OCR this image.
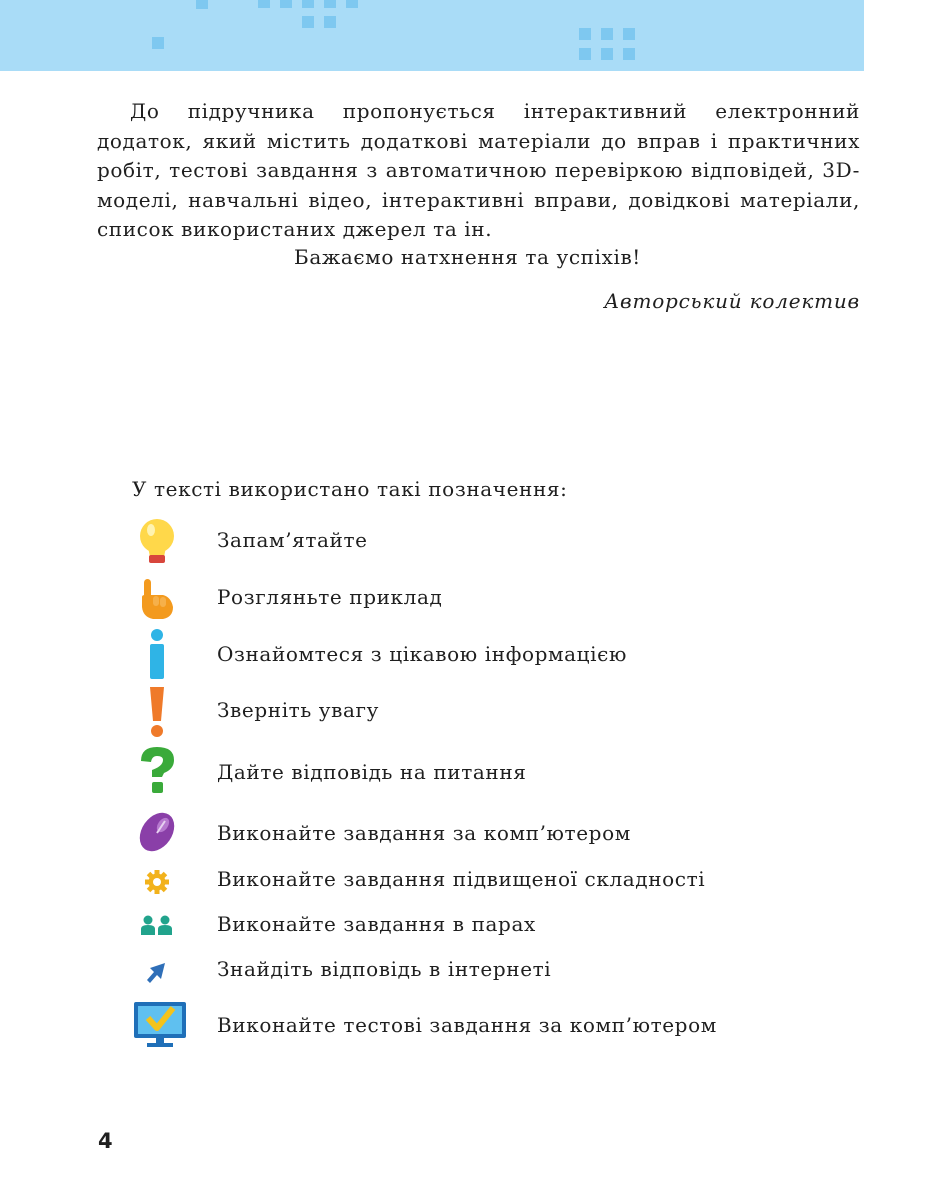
До підручника пропонується інтерактивний електронний додаток, який містить додаткові матеріали до вправ і практичних робіт, тестові завдання з автоматичною перевіркою відповідей, 3D-моделі, навчальні відео, інтерактивні вправи, довідкові матеріали, список використаних джерел та ін.

Бажаємо натхнення та успіхів!

Авторський колектив

У тексті використано такі позначення:

Запам’ятайте
Розгляньте приклад
Ознайомтеся з цікавою інформацією
Зверніть увагу
Дайте відповідь на питання
Виконайте завдання за комп’ютером
Виконайте завдання підвищеної складності
Виконайте завдання в парах
Знайдіть відповідь в інтернеті
Виконайте тестові завдання за комп’ютером

4
